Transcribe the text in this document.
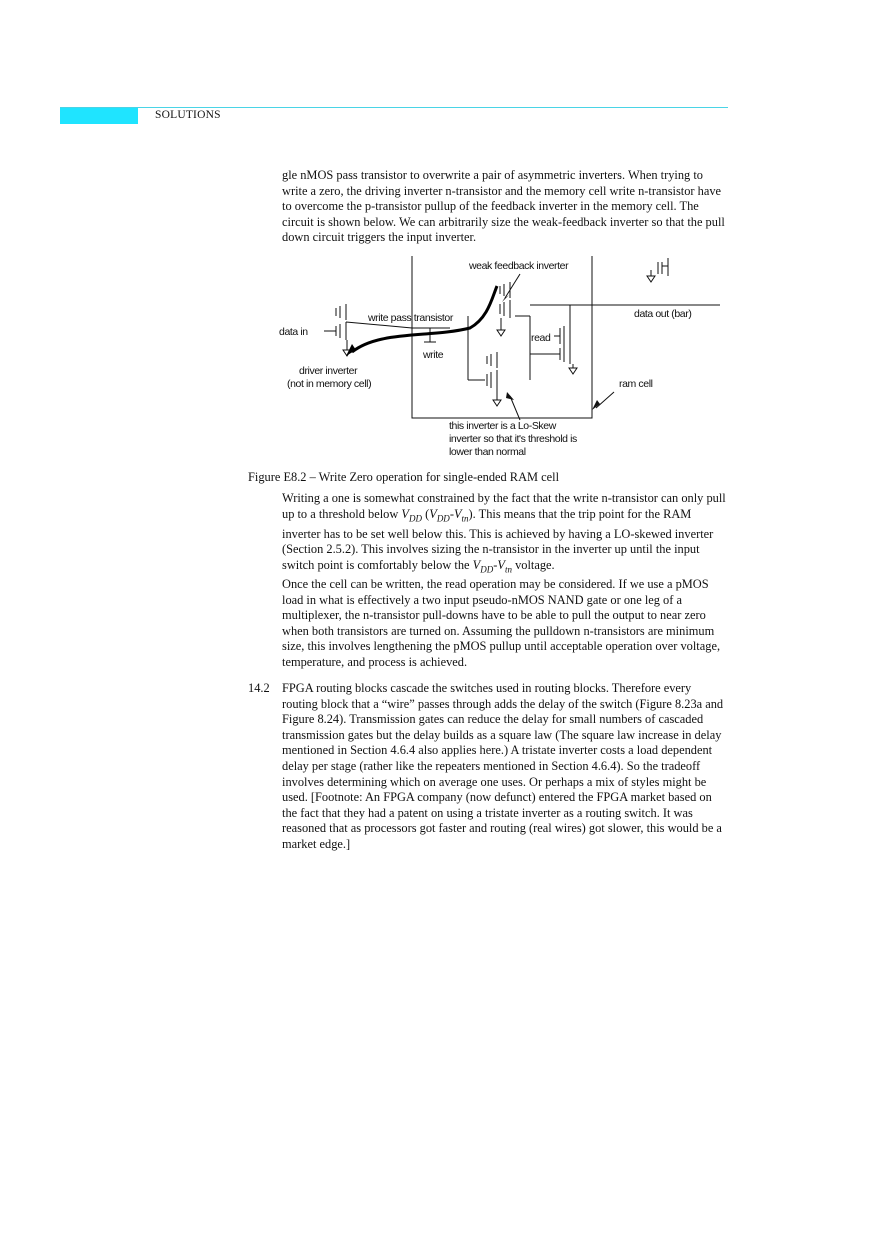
SOLUTIONS

gle nMOS pass transistor to overwrite a pair of asymmetric inverters. When trying to write a zero, the driving inverter n-transistor and the memory cell write n-transistor have to overcome the p-transistor pullup of the feedback inverter in the memory cell. The circuit is shown below. We can arbitrarily size the weak-feedback inverter so that the pull down circuit triggers the input inverter.

weak feedback inverter
data out (bar)
write pass transistor
data in	read
write
driver inverter
(not in memory cell)	ram cell
this inverter is a Lo-Skew
inverter so that it's threshold is
lower than normal
Figure E8.2 – Write Zero operation for single-ended RAM cell

Writing a one is somewhat constrained by the fact that the write n-transistor can only pull up to a threshold below $V_{DD}$ $(V_{DD}-V_{tn})$. This means that the trip point for the RAM inverter has to be set well below this. This is achieved by having a LO-skewed inverter (Section 2.5.2). This involves sizing the n-transistor in the inverter up until the input switch point is comfortably below the $V_{DD}-V_{tn}$ voltage.

Once the cell can be written, the read operation may be considered. If we use a pMOS load in what is effectively a two input pseudo-nMOS NAND gate or one leg of a multiplexer, the n-transistor pull-downs have to be able to pull the output to near zero when both transistors are turned on. Assuming the pulldown n-transistors are minimum size, this involves lengthening the pMOS pullup until acceptable operation over voltage, temperature, and process is achieved.

14.2 FPGA routing blocks cascade the switches used in routing blocks. Therefore every routing block that a “wire” passes through adds the delay of the switch (Figure 8.23a and Figure 8.24). Transmission gates can reduce the delay for small numbers of cascaded transmission gates but the delay builds as a square law (The square law increase in delay mentioned in Section 4.6.4 also applies here.) A tristate inverter costs a load dependent delay per stage (rather like the repeaters mentioned in Section 4.6.4). So the tradeoff involves determining which on average one uses. Or perhaps a mix of styles might be used. [Footnote: An FPGA company (now defunct) entered the FPGA market based on the fact that they had a patent on using a tristate inverter as a routing switch. It was reasoned that as processors got faster and routing (real wires) got slower, this would be a market edge.]
